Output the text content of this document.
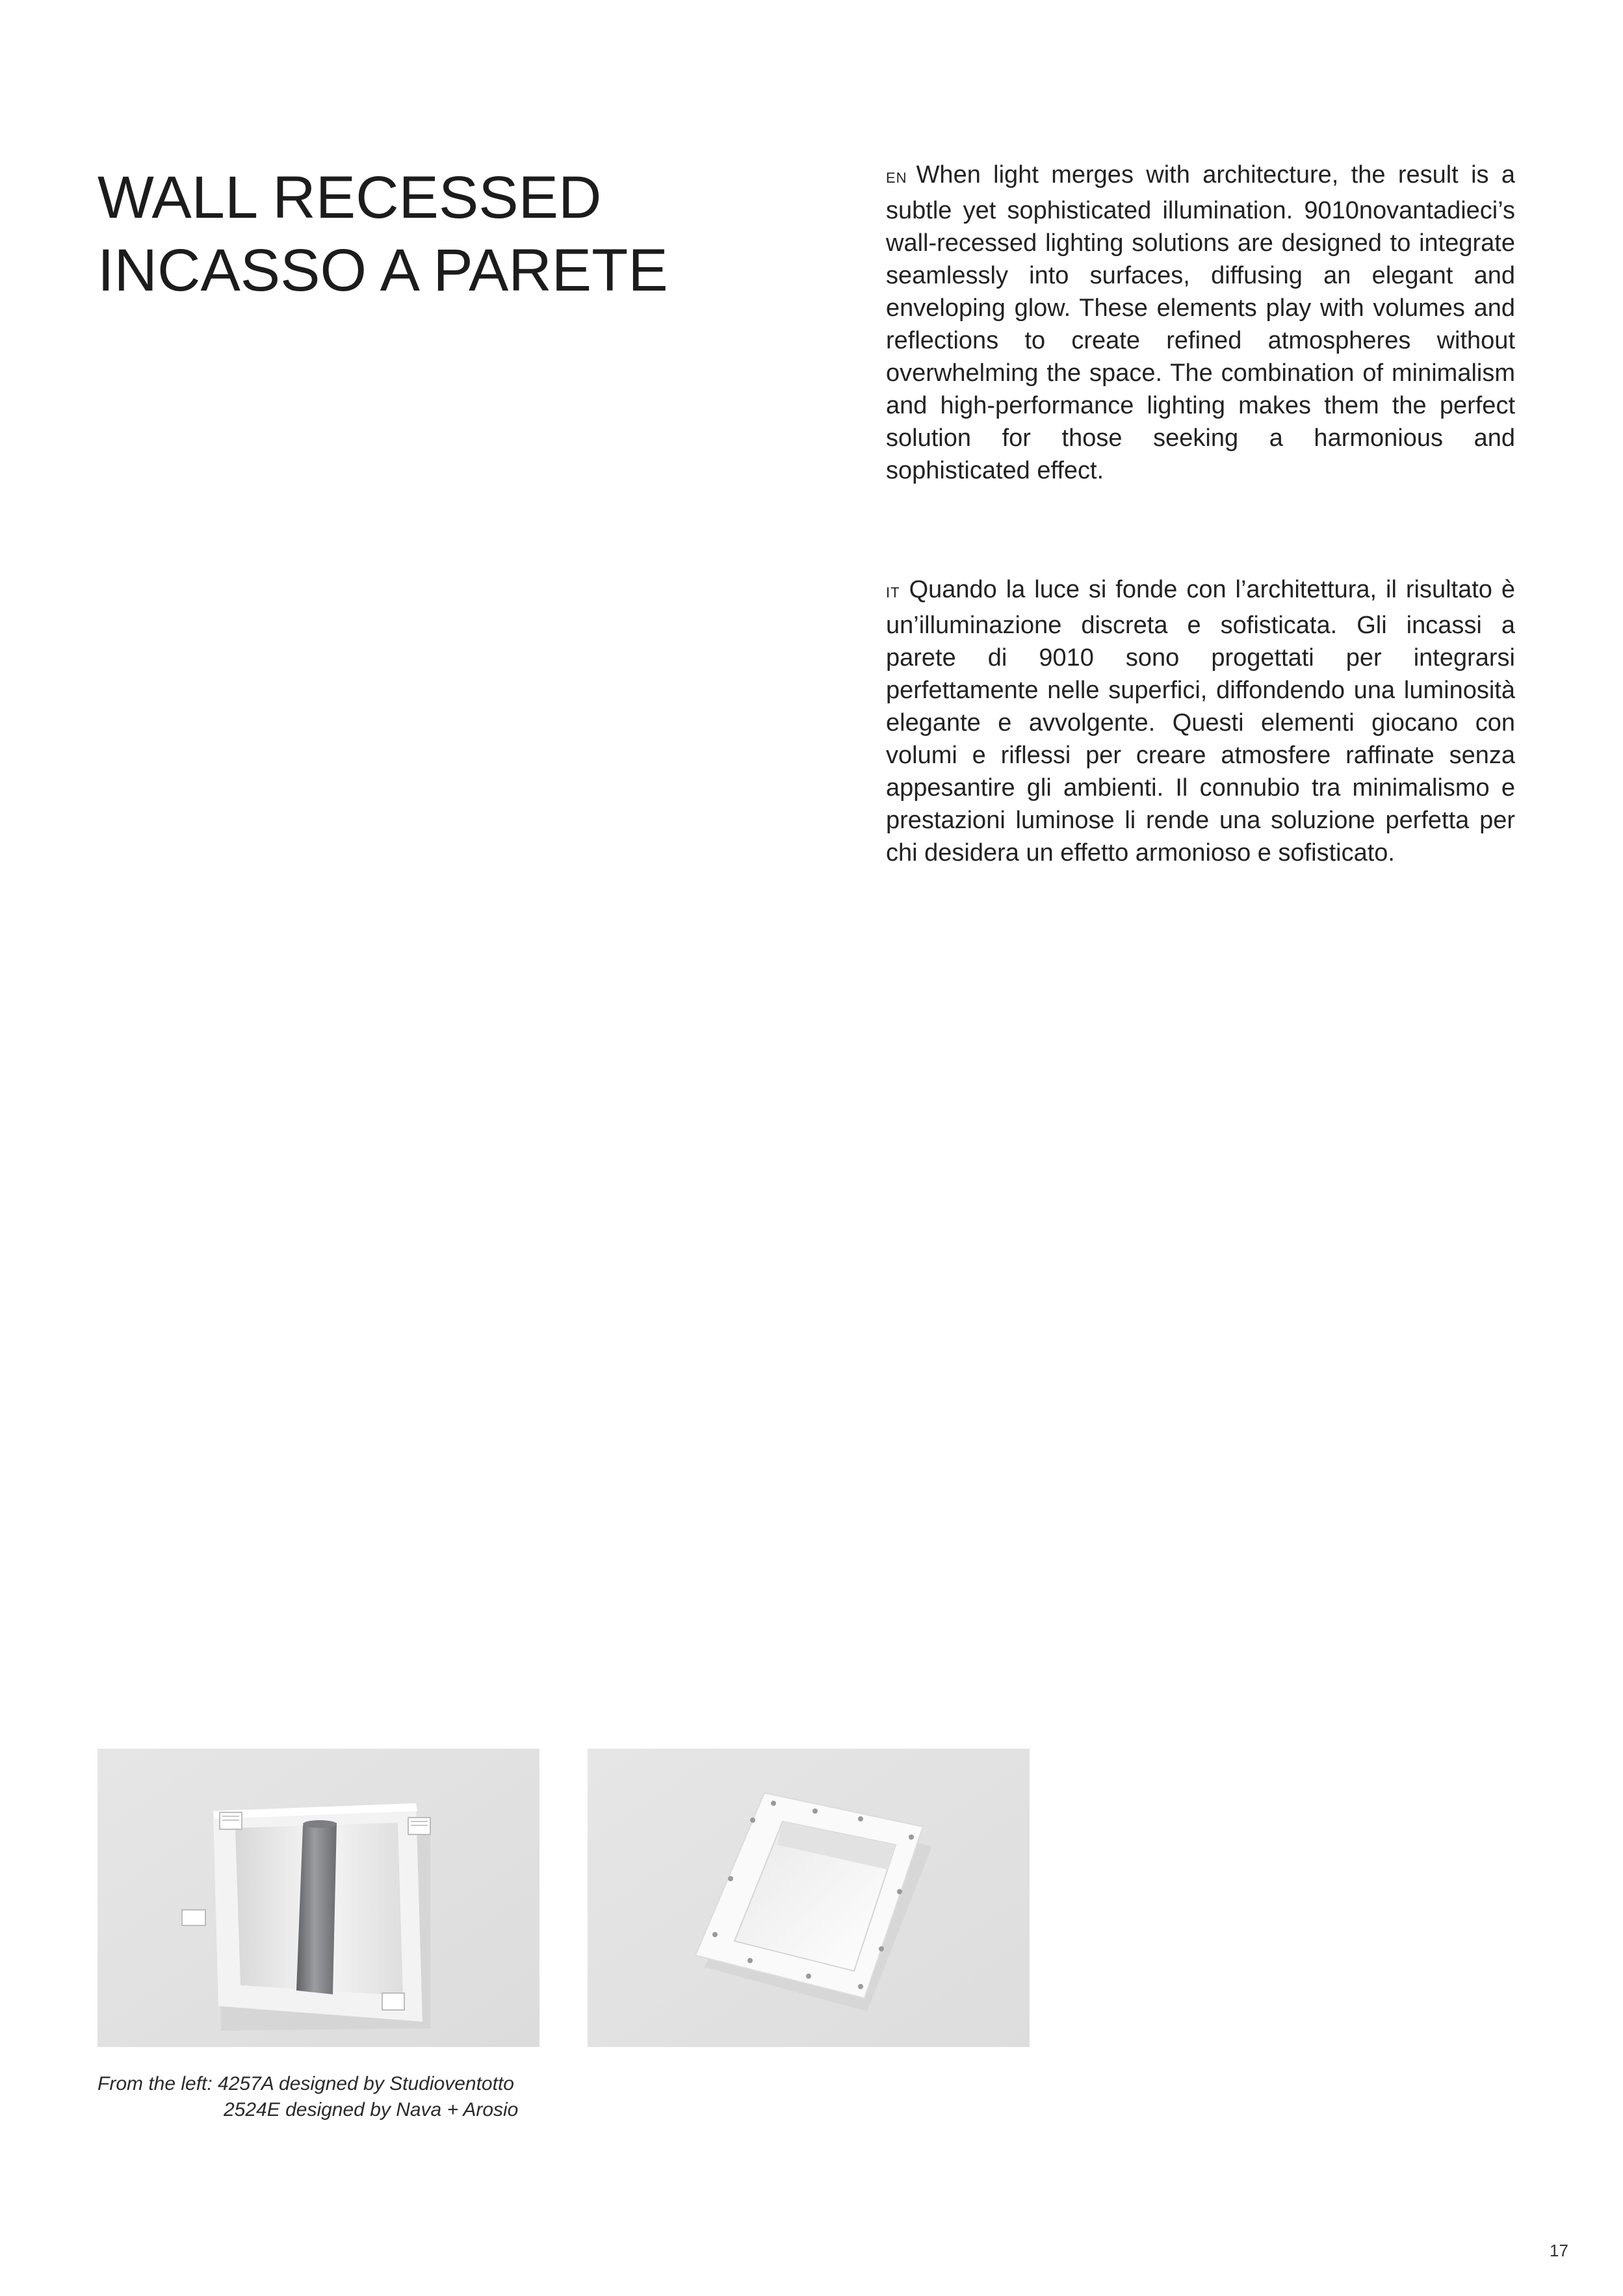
WALL RECESSED
INCASSO A PARETE

EN When light merges with architecture, the result is a subtle yet sophisticated illumination. 9010novantadieci’s wall-recessed lighting solutions are designed to integrate seamlessly into surfaces, diffusing an elegant and enveloping glow. These elements play with volumes and reflections to create refined atmospheres without overwhelming the space. The combination of minimalism and high-performance lighting makes them the perfect solution for those seeking a harmonious and sophisticated effect.

IT Quando la luce si fonde con l’architettura, il risultato è un’illuminazione discreta e sofisticata. Gli incassi a parete di 9010 sono progettati per integrarsi perfettamente nelle superfici, diffondendo una luminosità elegante e avvolgente. Questi elementi giocano con volumi e riflessi per creare atmosfere raffinate senza appesantire gli ambienti. Il connubio tra minimalismo e prestazioni luminose li rende una soluzione perfetta per chi desidera un effetto armonioso e sofisticato.

From the left: 4257A designed by Studioventotto
2524E designed by Nava + Arosio
17
